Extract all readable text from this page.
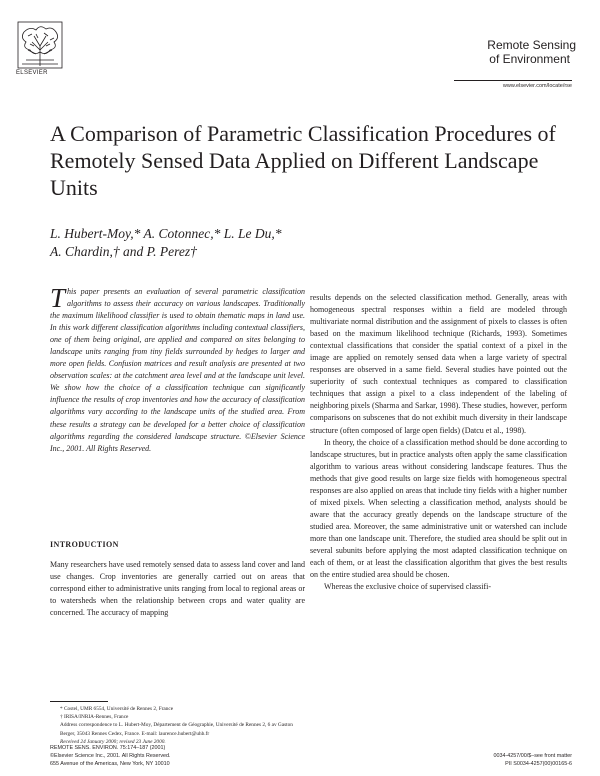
ELSEVIER
Remote Sensing
of Environment
www.elsevier.com/locate/rse
A Comparison of Parametric Classification Procedures of Remotely Sensed Data Applied on Different Landscape Units
L. Hubert-Moy,* A. Cotonnec,* L. Le Du,*
A. Chardin,† and P. Perez†
This paper presents an evaluation of several parametric classification algorithms to assess their accuracy on various landscapes. Traditionally the maximum likelihood classifier is used to obtain thematic maps in land use. In this work different classification algorithms including contextual classifiers, one of them being original, are applied and compared on sites belonging to landscape units ranging from tiny fields surrounded by hedges to larger and more open fields. Confusion matrices and result analysis are presented at two observation scales: at the catchment area level and at the landscape unit level. We show how the choice of a classification technique can significantly influence the results of crop inventories and how the accuracy of classification algorithms vary according to the landscape units of the studied area. From these results a strategy can be developed for a better choice of classification algorithms regarding the considered landscape structure. ©Elsevier Science Inc., 2001. All Rights Reserved.
INTRODUCTION
Many researchers have used remotely sensed data to assess land cover and land use changes. Crop inventories are generally carried out on areas that correspond either to administrative units ranging from local to regional areas or to watersheds when the relationship between crops and water quality are concerned. The accuracy of mapping

* Costel, UMR 6554, Université de Rennes 2, France

† IRISA/INRIA-Rennes, France

Address correspondence to L. Hubert-Moy, Département de Géographie, Université de Rennes 2, 6 av Gaston Berger, 35043 Rennes Cedex, France. E-mail: laurence.hubert@uhb.fr

Received 24 January 2000; revised 23 June 2000.

REMOTE SENS. ENVIRON. 75:174–187 (2001)
©Elsevier Science Inc., 2001. All Rights Reserved.
655 Avenue of the Americas, New York, NY 10010
0034-4257/00/$–see front matter
PII S0034-4257(00)00165-6

results depends on the selected classification method. Generally, areas with homogeneous spectral responses within a field are modeled through multivariate normal distribution and the assignment of pixels to classes is often based on the maximum likelihood technique (Richards, 1993). Sometimes contextual classifications that consider the spatial context of a pixel in the image are applied on remotely sensed data when a large variety of spectral responses are observed in a same field. Several studies have pointed out the superiority of such contextual techniques as compared to classification techniques that assign a pixel to a class independent of the labeling of neighboring pixels (Sharma and Sarkar, 1998). These studies, however, perform comparisons on subscenes that do not exhibit much diversity in their landscape structure (often composed of large open fields) (Datcu et al., 1998).

In theory, the choice of a classification method should be done according to landscape structures, but in practice analysts often apply the same classification algorithm to various areas without considering landscape features. Thus the methods that give good results on large size fields with homogeneous spectral responses are also applied on areas that include tiny fields with a higher number of mixed pixels. When selecting a classification method, analysts should be aware that the accuracy greatly depends on the landscape structure of the studied area. Moreover, the same administrative unit or watershed can include more than one landscape unit. Therefore, the studied area should be split out in several subunits before applying the most adapted classification technique on each of them, or at least the classification algorithm that gives the best results on the entire studied area should be chosen.

Whereas the exclusive choice of supervised classifi-
